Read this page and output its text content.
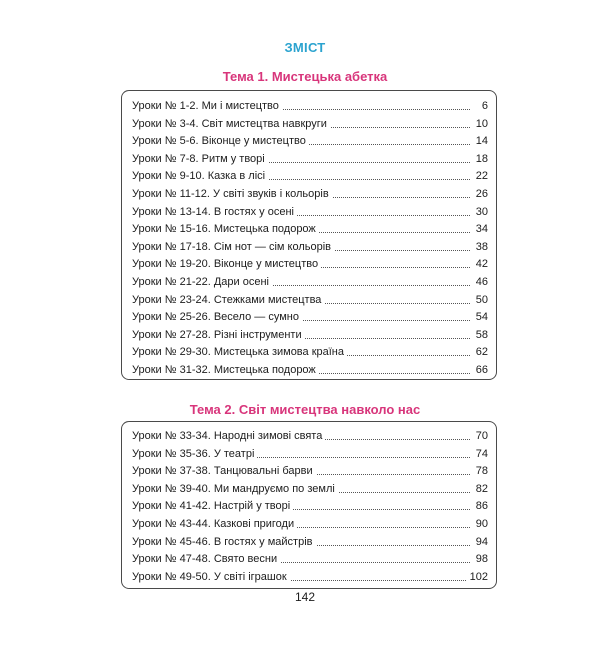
ЗМІСТ
Тема 1. Мистецька абетка
Уроки № 1-2. Ми і мистецтво	6
Уроки № 3-4. Світ мистецтва навкруги	10
Уроки № 5-6. Віконце у мистецтво	14
Уроки № 7-8. Ритм у творі	18
Уроки № 9-10. Казка в лісі	22
Уроки № 11-12. У світі звуків і кольорів	26
Уроки № 13-14. В гостях у осені	30
Уроки № 15-16. Мистецька подорож	34
Уроки № 17-18. Сім нот — сім кольорів	38
Уроки № 19-20. Віконце у мистецтво	42
Уроки № 21-22. Дари осені	46
Уроки № 23-24. Стежками мистецтва	50
Уроки № 25-26. Весело — сумно	54
Уроки № 27-28. Різні інструменти	58
Уроки № 29-30. Мистецька зимова країна	62
Уроки № 31-32. Мистецька подорож	66
Тема 2. Світ мистецтва навколо нас
Уроки № 33-34. Народні зимові свята	70
Уроки № 35-36. У театрі	74
Уроки № 37-38. Танцювальні барви	78
Уроки № 39-40. Ми мандруємо по землі	82
Уроки № 41-42. Настрій у творі	86
Уроки № 43-44. Казкові пригоди	90
Уроки № 45-46. В гостях у майстрів	94
Уроки № 47-48. Свято весни	98
Уроки № 49-50. У світі іграшок	102
142
